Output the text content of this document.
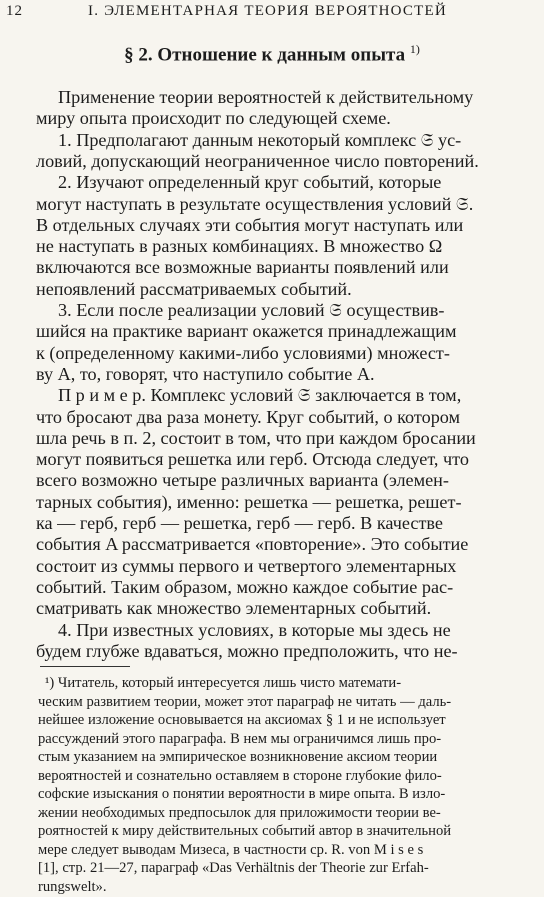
12	I. ЭЛЕМЕНТАРНАЯ ТЕОРИЯ ВЕРОЯТНОСТЕЙ
§ 2. Отношение к данным опыта $^{1)}$
Применение теории вероятностей к действительному
миру опыта происходит по следующей схеме.
1. Предполагают данным некоторый комплекс 𝔖 ус-
ловий, допускающий неограниченное число повторений.
2. Изучают определенный круг событий, которые
могут наступать в результате осуществления условий 𝔖.
В отдельных случаях эти события могут наступать или
не наступать в разных комбинациях. В множество Ω
включаются все возможные варианты появлений или
непоявлений рассматриваемых событий.
3. Если после реализации условий 𝔖 осуществив-
шийся на практике вариант окажется принадлежащим
к (определенному какими-либо условиями) множест-
ву A, то, говорят, что наступило событие A.
П р и м е р. Комплекс условий 𝔖 заключается в том,
что бросают два раза монету. Круг событий, о котором
шла речь в п. 2, состоит в том, что при каждом бросании
могут появиться решетка или герб. Отсюда следует, что
всего возможно четыре различных варианта (элемен-
тарных события), именно: решетка — решетка, решет-
ка — герб, герб — решетка, герб — герб. В качестве
события A рассматривается «повторение». Это событие
состоит из суммы первого и четвертого элементарных
событий. Таким образом, можно каждое событие рас-
сматривать как множество элементарных событий.
4. При известных условиях, в которые мы здесь не
будем глубже вдаваться, можно предположить, что не-
¹) Читатель, который интересуется лишь чисто математи-
ческим развитием теории, может этот параграф не читать — даль-
нейшее изложение основывается на аксиомах § 1 и не использует
рассуждений этого параграфа. В нем мы ограничимся лишь про-
стым указанием на эмпирическое возникновение аксиом теории
вероятностей и сознательно оставляем в стороне глубокие фило-
софские изыскания о понятии вероятности в мире опыта. В изло-
жении необходимых предпосылок для приложимости теории ве-
роятностей к миру действительных событий автор в значительной
мере следует выводам Мизеса, в частности ср. R. von M i s e s
[1], стр. 21—27, параграф «Das Verhältnis der Theorie zur Erfah-
rungswelt».
